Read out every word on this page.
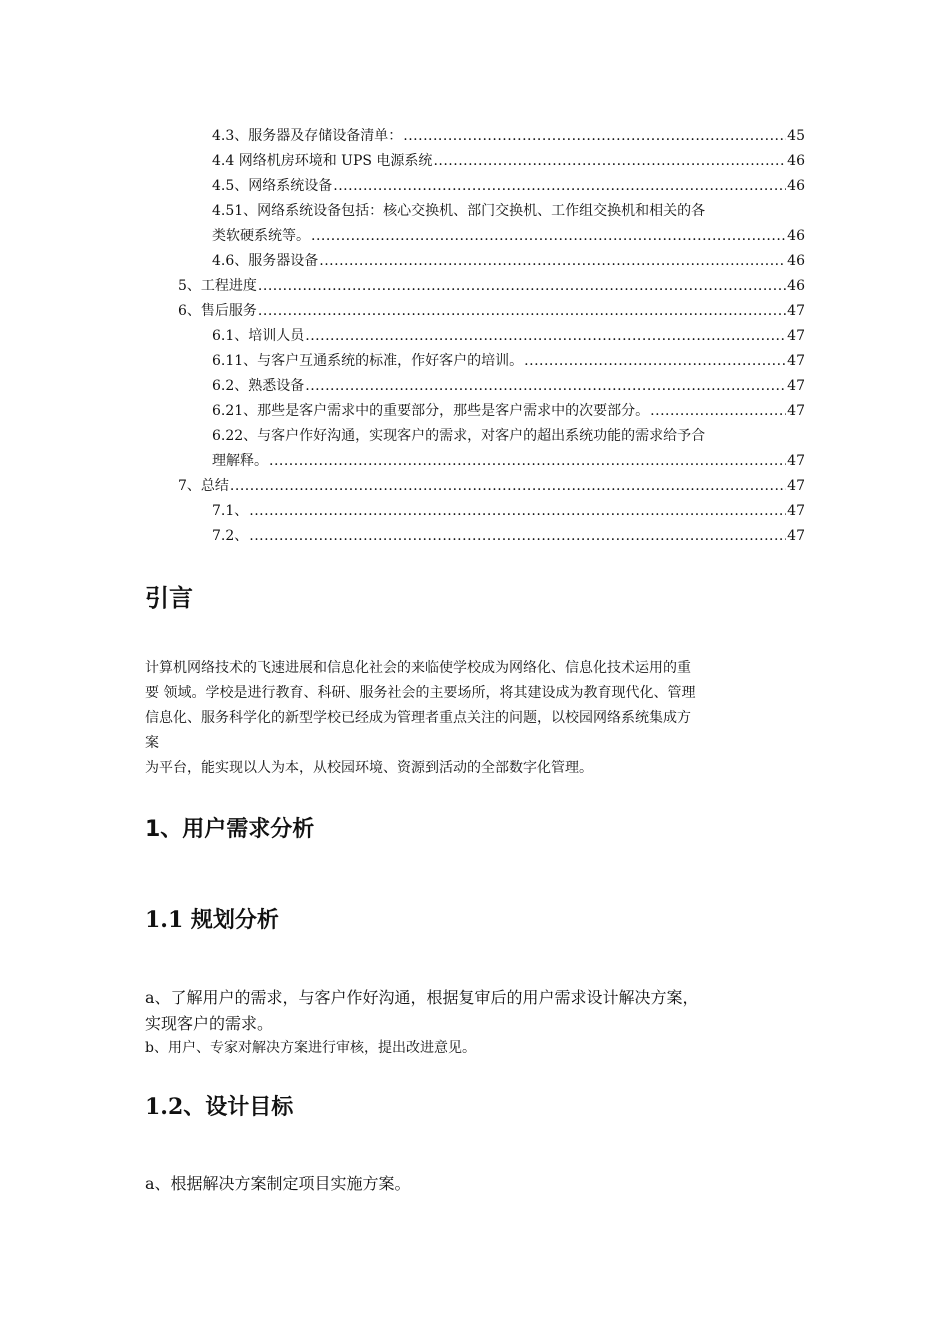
4.3、服务器及存储设备清单： .....	45
4.4 网络机房环境和 UPS 电源系统 .....	46
4.5、网络系统设备 .....	46
4.51、网络系统设备包括：核心交换机、部门交换机、工作组交换机和相关的各
类软硬系统等。 .....	46
4.6、服务器设备 .....	46
5、工程进度 .....	46
6、售后服务 .....	47
6.1、培训人员 .....	47
6.11、与客户互通系统的标准，作好客户的培训。 .....	47
6.2、熟悉设备 .....	47
6.21、那些是客户需求中的重要部分，那些是客户需求中的次要部分。 .....	47
6.22、与客户作好沟通，实现客户的需求，对客户的超出系统功能的需求给予合
理解释。 .....	47
7、总结 .....	47
7.1、 .....	47
7.2、 .....	47
引言

计算机网络技术的飞速进展和信息化社会的来临使学校成为网络化、信息化技术运用的重
要 领域。学校是进行教育、科研、服务社会的主要场所，将其建设成为教育现代化、管理
信息化、服务科学化的新型学校已经成为管理者重点关注的问题，以校园网络系统集成方
案
为平台，能实现以人为本，从校园环境、资源到活动的全部数字化管理。

1、用户需求分析
1.1 规划分析

a、了解用户的需求，与客户作好沟通，根据复审后的用户需求设计解决方案，
实现客户的需求。

b、用户、专家对解决方案进行审核，提出改进意见。

1.2、设计目标

a、根据解决方案制定项目实施方案。
